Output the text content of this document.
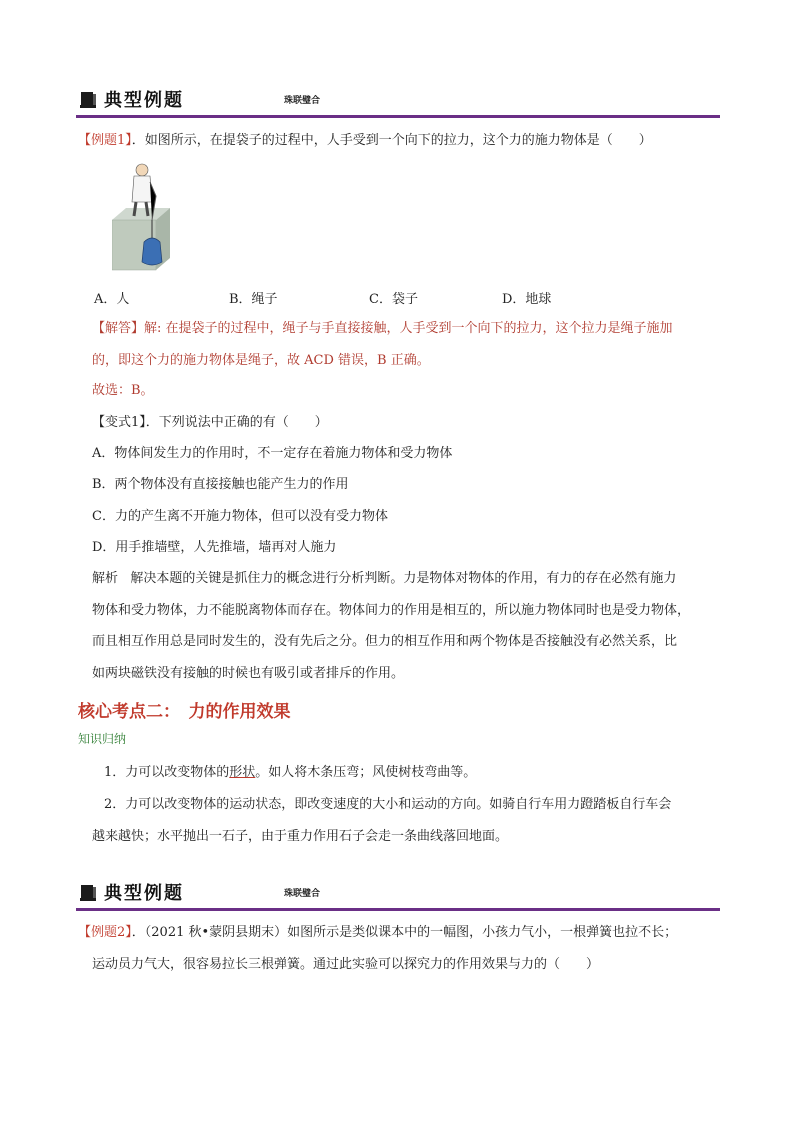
典型例题	珠联璧合
【例题1】．如图所示，在提袋子的过程中，人手受到一个向下的拉力，这个力的施力物体是（　　）
A．人	B．绳子	C．袋子	D．地球
【解答】解: 在提袋子的过程中，绳子与手直接接触，人手受到一个向下的拉力，这个拉力是绳子施加
的，即这个力的施力物体是绳子，故 ACD 错误，B 正确。
故选：B。
【变式1】．下列说法中正确的有（　　）
A．物体间发生力的作用时，不一定存在着施力物体和受力物体
B．两个物体没有直接接触也能产生力的作用
C．力的产生离不开施力物体，但可以没有受力物体
D．用手推墙壁，人先推墙，墙再对人施力
解析 解决本题的关键是抓住力的概念进行分析判断。力是物体对物体的作用，有力的存在必然有施力
物体和受力物体，力不能脱离物体而存在。物体间力的作用是相互的，所以施力物体同时也是受力物体，
而且相互作用总是同时发生的，没有先后之分。但力的相互作用和两个物体是否接触没有必然关系，比
如两块磁铁没有接触的时候也有吸引或者排斥的作用。
核心考点二：　力的作用效果
知识归纳
1．力可以改变物体的形状。如人将木条压弯；风使树枝弯曲等。
2．力可以改变物体的运动状态，即改变速度的大小和运动的方向。如骑自行车用力蹬踏板自行车会
越来越快；水平抛出一石子，由于重力作用石子会走一条曲线落回地面。
典型例题	珠联璧合
【例题2】．（2021 秋•蒙阴县期末）如图所示是类似课本中的一幅图，小孩力气小，一根弹簧也拉不长；
运动员力气大，很容易拉长三根弹簧。通过此实验可以探究力的作用效果与力的（　　）
